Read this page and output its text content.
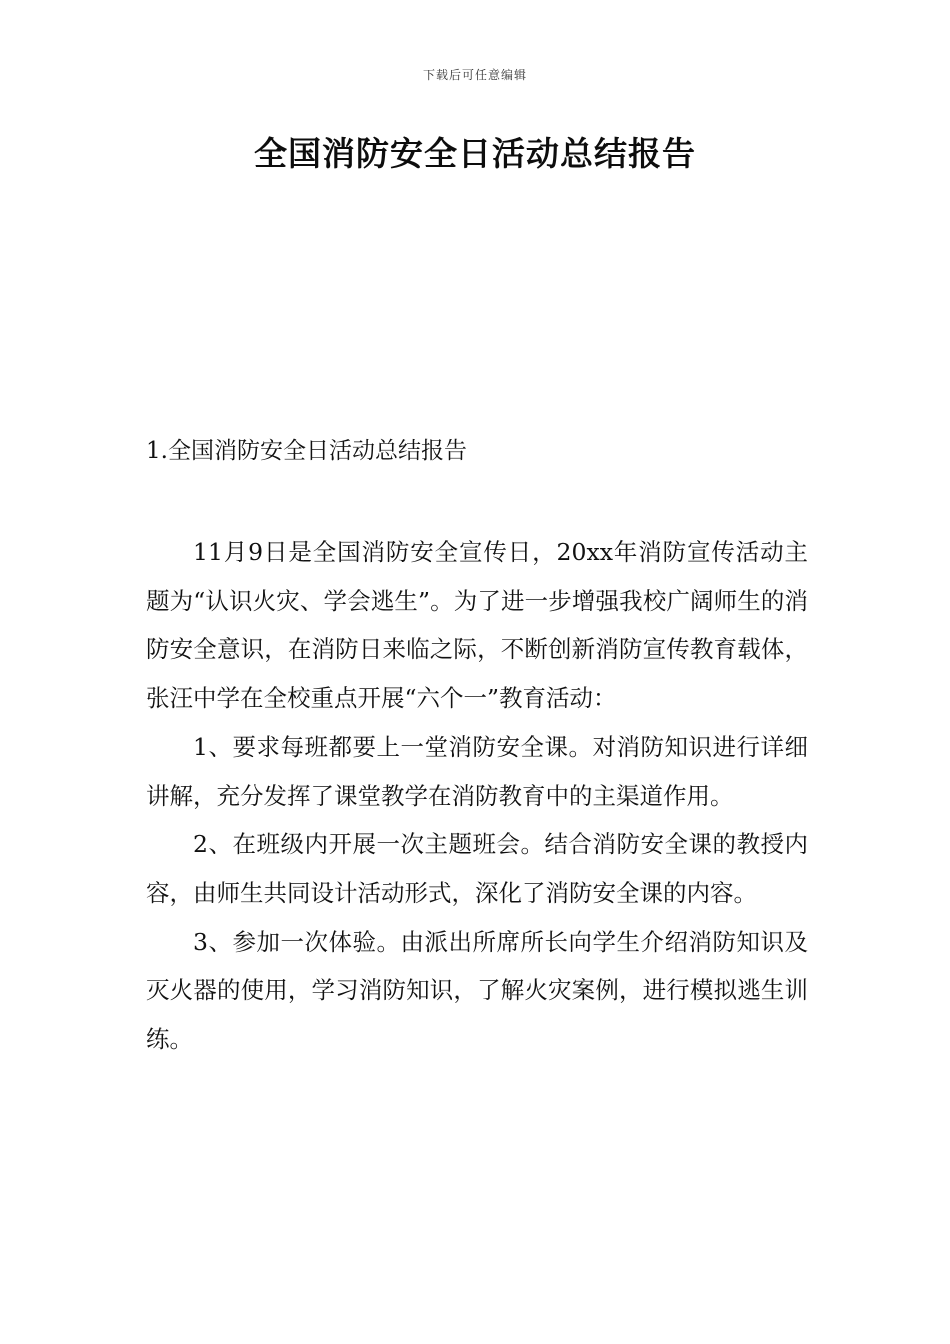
下载后可任意编辑
全国消防安全日活动总结报告
1.全国消防安全日活动总结报告

11月9日是全国消防安全宣传日，20xx年消防宣传活动主题为“认识火灾、学会逃生”。为了进一步增强我校广阔师生的消防安全意识，在消防日来临之际，不断创新消防宣传教育载体，张汪中学在全校重点开展“六个一”教育活动：

1、要求每班都要上一堂消防安全课。对消防知识进行详细讲解，充分发挥了课堂教学在消防教育中的主渠道作用。

2、在班级内开展一次主题班会。结合消防安全课的教授内容，由师生共同设计活动形式，深化了消防安全课的内容。

3、参加一次体验。由派出所席所长向学生介绍消防知识及灭火器的使用，学习消防知识，了解火灾案例，进行模拟逃生训练。
